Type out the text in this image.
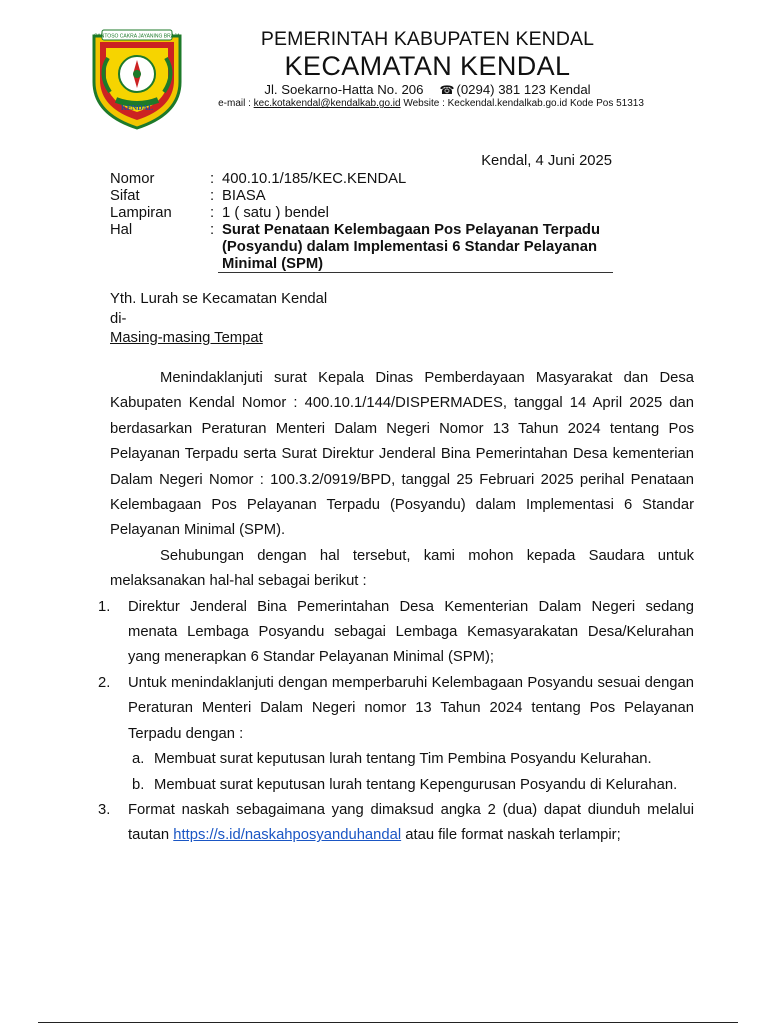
SANTOSO CAKRA JAYANING BRAJA
KENDAL
PEMERINTAH KABUPATEN KENDAL
KECAMATAN KENDAL
Jl. Soekarno-Hatta No. 206 ☎ (0294) 381 123 Kendal
e-mail : kec.kotakendal@kendalkab.go.id Website : Keckendal.kendalkab.go.id Kode Pos 51313
Kendal, 4 Juni 2025
Nomor	: 400.10.1/185/KEC.KENDAL
Sifat	: BIASA
Lampiran	: 1 ( satu ) bendel
Hal	: Surat Penataan Kelembagaan Pos Pelayanan Terpadu
(Posyandu) dalam Implementasi 6 Standar Pelayanan
Minimal (SPM)
Yth. Lurah se Kecamatan Kendal
di-
Masing-masing Tempat

Menindaklanjuti surat Kepala Dinas Pemberdayaan Masyarakat dan Desa Kabupaten Kendal Nomor : 400.10.1/144/DISPERMADES, tanggal 14 April 2025 dan berdasarkan Peraturan Menteri Dalam Negeri Nomor 13 Tahun 2024 tentang Pos Pelayanan Terpadu serta Surat Direktur Jenderal Bina Pemerintahan Desa kementerian Dalam Negeri Nomor : 100.3.2/0919/BPD, tanggal 25 Februari 2025 perihal Penataan Kelembagaan Pos Pelayanan Terpadu (Posyandu) dalam Implementasi 6 Standar Pelayanan Minimal (SPM).

Sehubungan dengan hal tersebut, kami mohon kepada Saudara untuk melaksanakan hal-hal sebagai berikut :

1. Direktur Jenderal Bina Pemerintahan Desa Kementerian Dalam Negeri sedang menata Lembaga Posyandu sebagai Lembaga Kemasyarakatan Desa/Kelurahan yang menerapkan 6 Standar Pelayanan Minimal (SPM);
2. Untuk menindaklanjuti dengan memperbaruhi Kelembagaan Posyandu sesuai dengan Peraturan Menteri Dalam Negeri nomor 13 Tahun 2024 tentang Pos Pelayanan Terpadu dengan :
a. Membuat surat keputusan lurah tentang Tim Pembina Posyandu Kelurahan.
b. Membuat surat keputusan lurah tentang Kepengurusan Posyandu di Kelurahan.
3. Format naskah sebagaimana yang dimaksud angka 2 (dua) dapat diunduh melalui tautan https://s.id/naskahposyanduhandal atau file format naskah terlampir;
